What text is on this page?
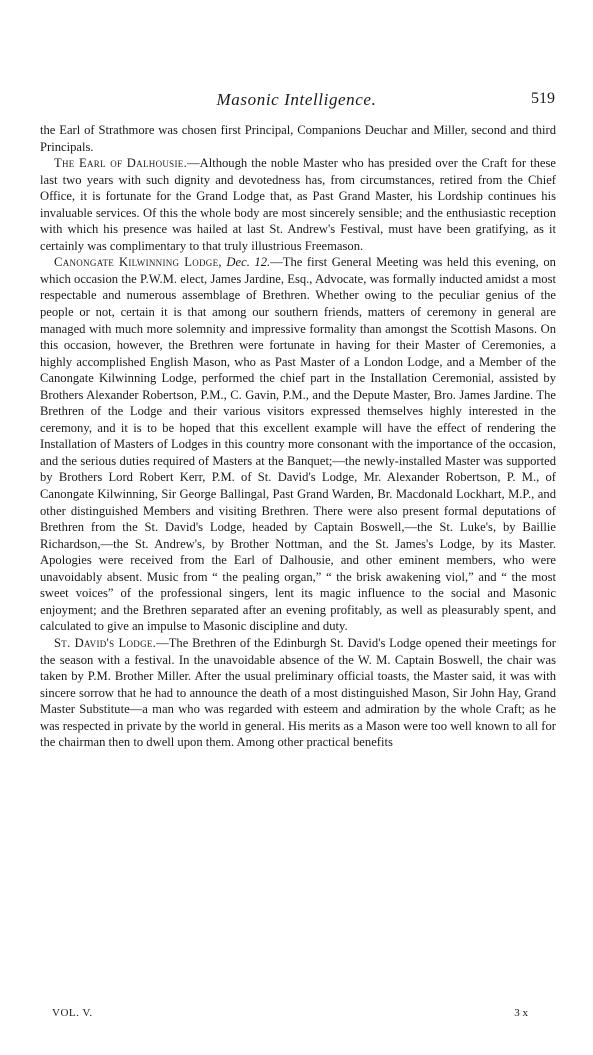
Masonic Intelligence.	519

the Earl of Strathmore was chosen first Principal, Companions Deuchar and Miller, second and third Principals.

The Earl of Dalhousie.—Although the noble Master who has presided over the Craft for these last two years with such dignity and devotedness has, from circumstances, retired from the Chief Office, it is fortunate for the Grand Lodge that, as Past Grand Master, his Lordship continues his invaluable services. Of this the whole body are most sincerely sensible; and the enthusiastic reception with which his presence was hailed at last St. Andrew's Festival, must have been gratifying, as it certainly was complimentary to that truly illustrious Freemason.

Canongate Kilwinning Lodge, Dec. 12.—The first General Meeting was held this evening, on which occasion the P.W.M. elect, James Jardine, Esq., Advocate, was formally inducted amidst a most respectable and numerous assemblage of Brethren. Whether owing to the peculiar genius of the people or not, certain it is that among our southern friends, matters of ceremony in general are managed with much more solemnity and impressive formality than amongst the Scottish Masons. On this occasion, however, the Brethren were fortunate in having for their Master of Ceremonies, a highly accomplished English Mason, who as Past Master of a London Lodge, and a Member of the Canongate Kilwinning Lodge, performed the chief part in the Installation Ceremonial, assisted by Brothers Alexander Robertson, P.M., C. Gavin, P.M., and the Depute Master, Bro. James Jardine. The Brethren of the Lodge and their various visitors expressed themselves highly interested in the ceremony, and it is to be hoped that this excellent example will have the effect of rendering the Installation of Masters of Lodges in this country more consonant with the importance of the occasion, and the serious duties required of Masters at the Banquet;—the newly-installed Master was supported by Brothers Lord Robert Kerr, P.M. of St. David's Lodge, Mr. Alexander Robertson, P. M., of Canongate Kilwinning, Sir George Ballingal, Past Grand Warden, Br. Macdonald Lockhart, M.P., and other distinguished Members and visiting Brethren. There were also present formal deputations of Brethren from the St. David's Lodge, headed by Captain Boswell,—the St. Luke's, by Baillie Richardson,—the St. Andrew's, by Brother Nottman, and the St. James's Lodge, by its Master. Apologies were received from the Earl of Dalhousie, and other eminent members, who were unavoidably absent. Music from “ the pealing organ,” “ the brisk awakening viol,” and “ the most sweet voices” of the professional singers, lent its magic influence to the social and Masonic enjoyment; and the Brethren separated after an evening profitably, as well as pleasurably spent, and calculated to give an impulse to Masonic discipline and duty.

St. David's Lodge.—The Brethren of the Edinburgh St. David's Lodge opened their meetings for the season with a festival. In the unavoidable absence of the W. M. Captain Boswell, the chair was taken by P.M. Brother Miller. After the usual preliminary official toasts, the Master said, it was with sincere sorrow that he had to announce the death of a most distinguished Mason, Sir John Hay, Grand Master Substitute—a man who was regarded with esteem and admiration by the whole Craft; as he was respected in private by the world in general. His merits as a Mason were too well known to all for the chairman then to dwell upon them. Among other practical benefits

VOL. V.	3 x
